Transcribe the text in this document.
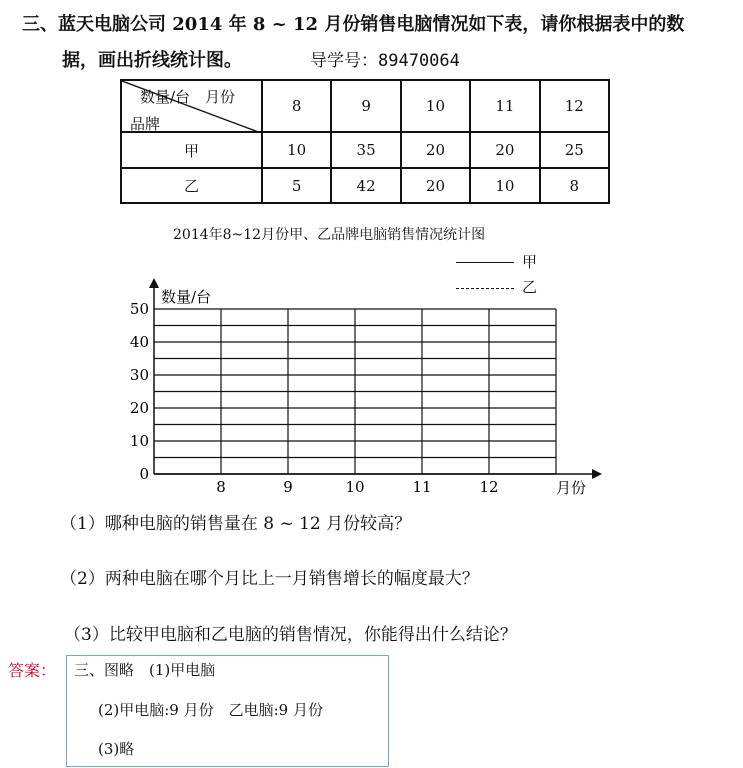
三、蓝天电脑公司 2014 年 8 ~ 12 月份销售电脑情况如下表，请你根据表中的数
据，画出折线统计图。	导学号：89470064
数量/台　月份
品牌	8	9	10	11	12
甲	10	35	20	20	25
乙	5	42	20	10	8
2014年8~12月份甲、乙品牌电脑销售情况统计图
甲
乙
0
10
20
30
40
50
8	9	10	11	12
数量/台
月份
（1）哪种电脑的销售量在 8 ~ 12 月份较高？
（2）两种电脑在哪个月比上一月销售增长的幅度最大？
（3）比较甲电脑和乙电脑的销售情况，你能得出什么结论？
答案： 三、图略　(1)甲电脑
(2)甲电脑:9 月份　乙电脑:9 月份
(3)略
